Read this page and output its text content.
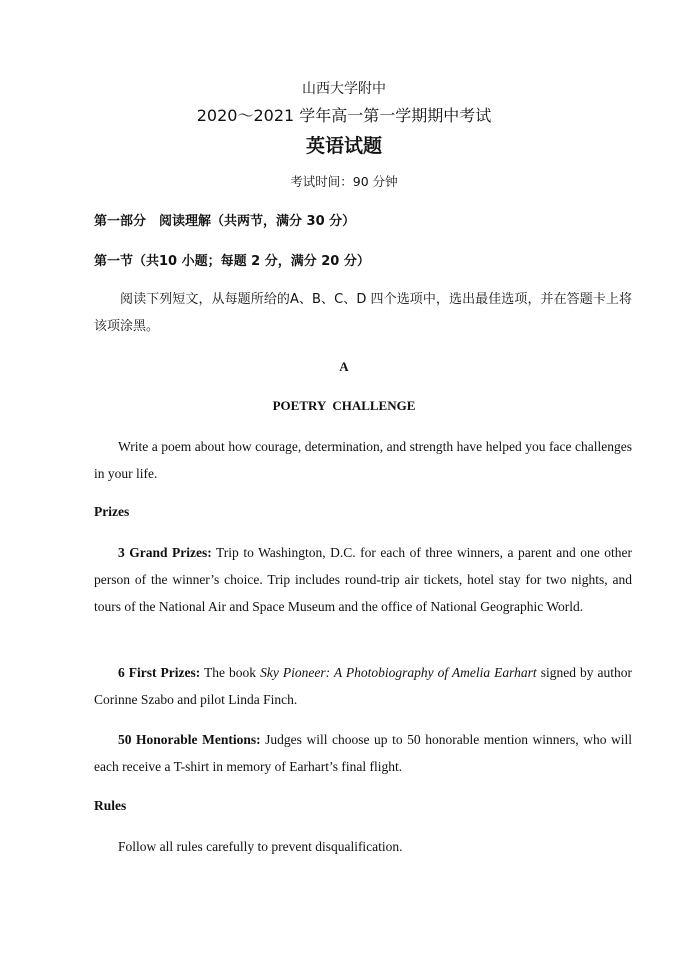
山西大学附中
2020～2021 学年高一第一学期期中考试
英语试题
考试时间：90 分钟
第一部分　阅读理解（共两节，满分 30 分）
第一节（共10 小题；每题 2 分，满分 20 分）
阅读下列短文，从每题所给的A、B、C、D 四个选项中，选出最佳选项，并在答题卡上将该项涂黑。
A
POETRY  CHALLENGE
Write a poem about how courage, determination, and strength have helped you face challenges in your life.
Prizes
3 Grand Prizes: Trip to Washington, D.C. for each of three winners, a parent and one other person of the winner’s choice. Trip includes round-trip air tickets, hotel stay for two nights, and tours of the National Air and Space Museum and the office of National Geographic World.
6 First Prizes: The book Sky Pioneer: A Photobiography of Amelia Earhart signed by author Corinne Szabo and pilot Linda Finch.
50 Honorable Mentions: Judges will choose up to 50 honorable mention winners, who will each receive a T-shirt in memory of Earhart’s final flight.
Rules
Follow all rules carefully to prevent disqualification.
